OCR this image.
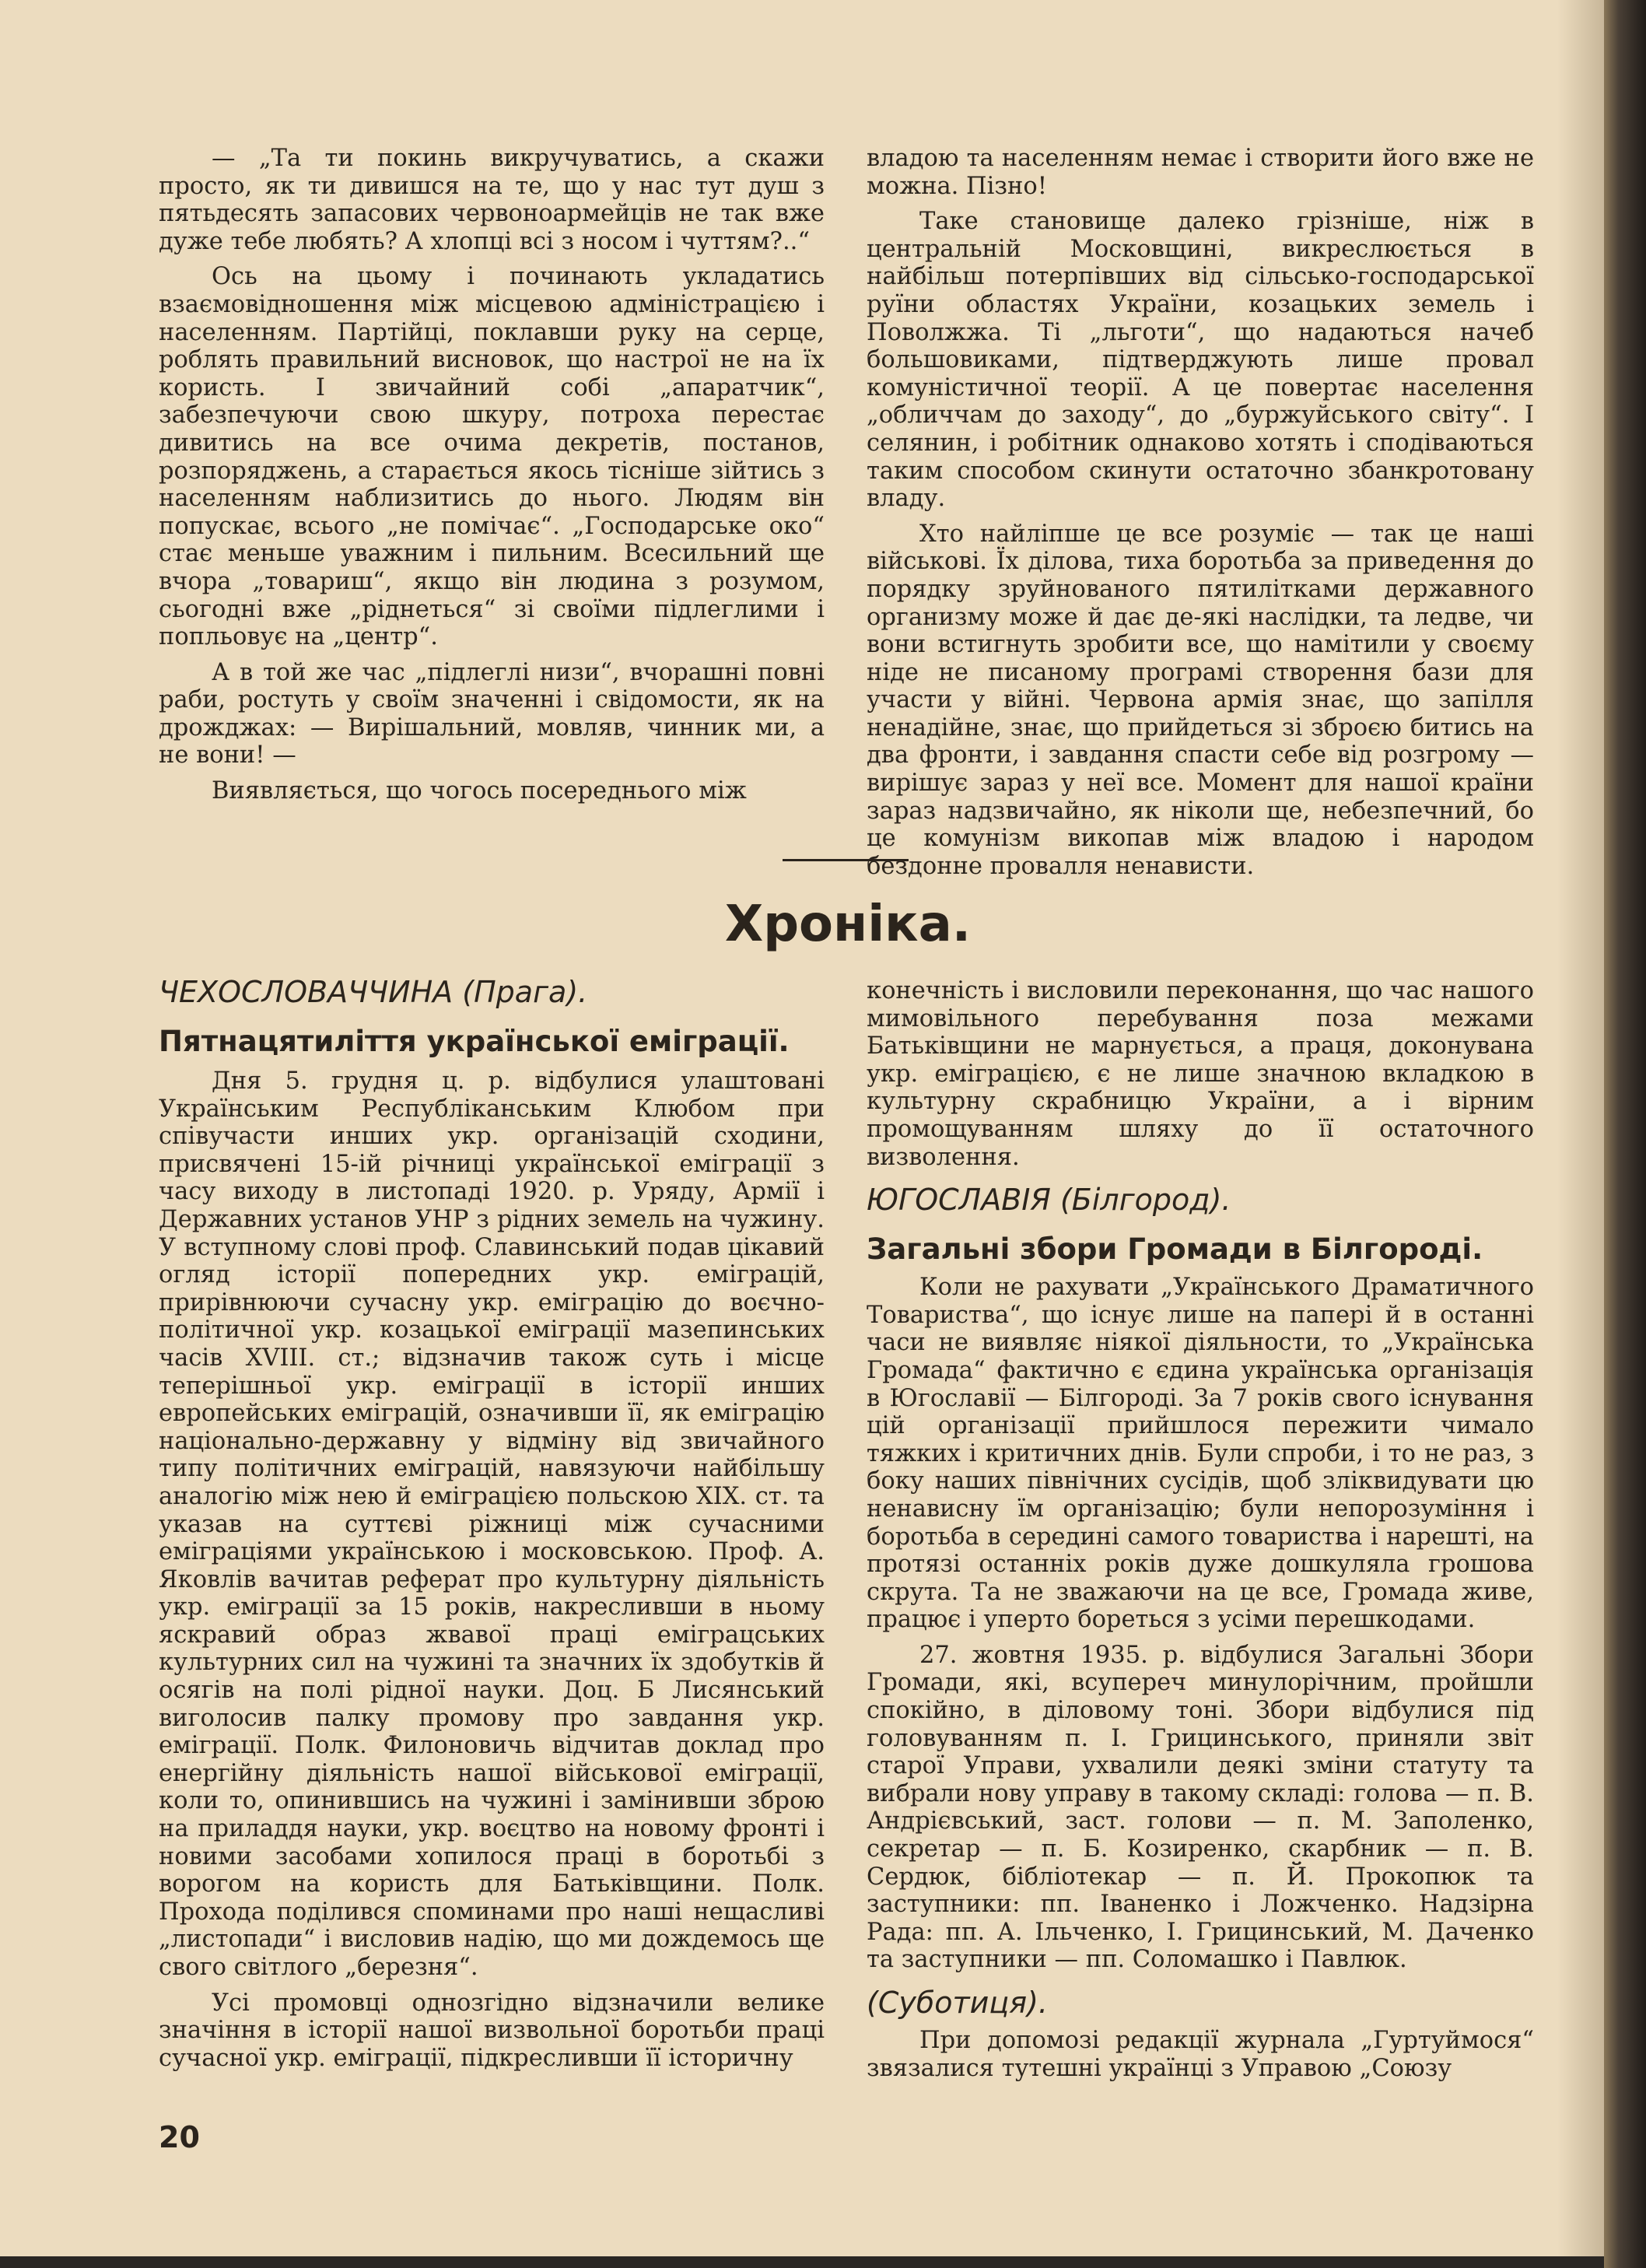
— „Та ти покинь викручуватись, а скажи просто, як ти дивишся на те, що у нас тут душ з пятьдесять запасових червоноармейців не так вже дуже тебе любять? А хлопці всі з носом і чуттям?..“

Ось на цьому і починають укладатись взаємовідношення між місцевою адміністрацією і населенням. Партійці, поклавши руку на серце, роблять правильний висновок, що настрої не на їх користь. І звичайний собі „апаратчик“, забезпечуючи свою шкуру, потроха перестає дивитись на все очима декретів, постанов, розпоряджень, а старається якось тісніше зійтись з населенням наблизитись до нього. Людям він попускає, всього „не помічає“. „Господарське око“ стає меньше уважним і пильним. Всесильний ще вчора „товариш“, якщо він людина з розумом, сьогодні вже „ріднеться“ зі своїми підлеглими і попльовує на „центр“.

А в той же час „підлеглі низи“, вчорашні повні раби, ростуть у своїм значенні і свідомости, як на дрожджах: — Вирішальний, мовляв, чинник ми, а не вони! —

Виявляється, що чогось посереднього між

владою та населенням немає і створити його вже не можна. Пізно!

Таке становище далеко грізніше, ніж в центральній Московщині, викреслюється в найбільш потерпівших від сільсько-господарської руїни областях України, козацьких земель і Поволжжа. Ті „льготи“, що надаються начеб большовиками, підтверджують лише провал комуністичної теорії. А це повертає населення „обличчам до заходу“, до „буржуйського світу“. І селянин, і робітник однаково хотять і сподіваються таким способом скинути остаточно збанкротовану владу.

Хто найліпше це все розуміє — так це наші військові. Їх ділова, тиха боротьба за приведення до порядку зруйнованого пятилітками державного организму може й дає де-які наслідки, та ледве, чи вони встигнуть зробити все, що намітили у своєму ніде не писаному програмі створення бази для участи у війні. Червона армія знає, що запілля ненадійне, знає, що прийдеться зі зброєю битись на два фронти, і завдання спасти себе від розгрому — вирішує зараз у неї все. Момент для нашої країни зараз надзвичайно, як ніколи ще, небезпечний, бо це комунізм викопав між владою і народом бездонне провалля ненависти.

Хроніка.
ЧЕХОСЛОВАЧЧИНА (Прага).
Пятнацятиліття української еміграції.

Дня 5. грудня ц. р. відбулися улаштовані Українським Республіканським Клюбом при співучасти инших укр. організацій сходини, присвячені 15-ій річниці української еміграції з часу виходу в листопаді 1920. р. Уряду, Армії і Державних установ УНР з рідних земель на чужину. У вступному слові проф. Славинський подав цікавий огляд історії попередних укр. еміграцій, прирівнюючи сучасну укр. еміграцію до воєчно-політичної укр. козацької еміграції мазепинських часів XVIII. ст.; відзначив також суть і місце теперішньої укр. еміграції в історії инших европейських еміграцій, означивши її, як еміграцію національно-державну у відміну від звичайного типу політичних еміграцій, навязуючи найбільшу аналогію між нею й еміграцією польскою XIX. ст. та указав на суттєві ріжниці між сучасними еміграціями українською і московською. Проф. А. Яковлів вачитав реферат про культурну діяльність укр. еміграції за 15 років, накресливши в ньому яскравий образ жвавої праці еміграцських культурних сил на чужині та значних їх здобутків й осягів на полі рідної науки. Доц. Б Лисянський виголосив палку промову про завдання укр. еміграції. Полк. Филоновичь відчитав доклад про енергійну діяльність нашої військової еміграції, коли то, опинившись на чужині і замінивши зброю на приладдя науки, укр. воєцтво на новому фронті і новими засобами хопилося праці в боротьбі з ворогом на користь для Батьківщини. Полк. Прохода поділився споминами про наші нещасливі „листопади“ і висловив надію, що ми дождемось ще свого світлого „березня“.

Усі промовці однозгідно відзначили велике значіння в історії нашої визвольної боротьби праці сучасної укр. еміграції, підкресливши її історичну

конечність і висловили переконання, що час нашого мимовільного перебування поза межами Батьківщини не марнується, а праця, доконувана укр. еміграцією, є не лише значною вкладкою в культурну скрабницю України, а і вірним промощуванням шляху до її остаточного визволення.

ЮГОСЛАВІЯ (Білгород).
Загальні збори Громади в Білгороді.

Коли не рахувати „Українського Драматичного Товариства“, що існує лише на папері й в останні часи не виявляє ніякої діяльности, то „Українська Громада“ фактично є єдина українська організація в Югославії — Білгороді. За 7 років свого існування цій організації прийшлося пережити чимало тяжких і критичних днів. Були спроби, і то не раз, з боку наших північних сусідів, щоб зліквидувати цю ненависну їм організацію; були непорозуміння і боротьба в середині самого товариства і нарешті, на протязі останніх років дуже дошкуляла грошова скрута. Та не зважаючи на це все, Громада живе, працює і уперто бореться з усіми перешкодами.

27. жовтня 1935. р. відбулися Загальні Збори Громади, які, всупереч минулорічним, пройшли спокійно, в діловому тоні. Збори відбулися під головуванням п. І. Грицинського, приняли звіт старої Управи, ухвалили деякі зміни статуту та вибрали нову управу в такому складі: голова — п. В. Андрієвський, заст. голови — п. М. Заполенко, секретар — п. Б. Козиренко, скарбник — п. В. Сердюк, бібліотекар — п. Й. Прокопюк та заступники: пп. Іваненко і Ложченко. Надзірна Рада: пп. А. Ільченко, І. Грицинський, М. Даченко та заступники — пп. Соломашко і Павлюк.

(Суботиця).

При допомозі редакції журнала „Гуртуймося“ звязалися тутешні українці з Управою „Союзу

20
